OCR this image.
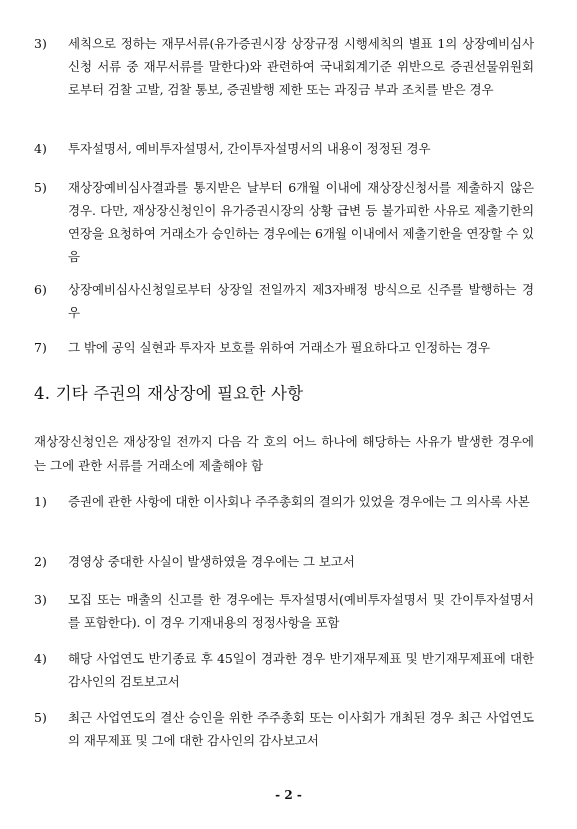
3)	세칙으로 정하는 재무서류(유가증권시장 상장규정 시행세칙의 별표 1의 상장예비심사 신청 서류 중 재무서류를 말한다)와 관련하여 국내회계기준 위반으로 증권선물위원회로부터 검찰 고발, 검찰 통보, 증권발행 제한 또는 과징금 부과 조치를 받은 경우
4)	투자설명서, 예비투자설명서, 간이투자설명서의 내용이 정정된 경우
5)	재상장예비심사결과를 통지받은 날부터 6개월 이내에 재상장신청서를 제출하지 않은 경우. 다만, 재상장신청인이 유가증권시장의 상황 급변 등 불가피한 사유로 제출기한의 연장을 요청하여 거래소가 승인하는 경우에는 6개월 이내에서 제출기한을 연장할 수 있음
6)	상장예비심사신청일로부터 상장일 전일까지 제3자배정 방식으로 신주를 발행하는 경우
7)	그 밖에 공익 실현과 투자자 보호를 위하여 거래소가 필요하다고 인정하는 경우
4. 기타 주권의 재상장에 필요한 사항
재상장신청인은 재상장일 전까지 다음 각 호의 어느 하나에 해당하는 사유가 발생한 경우에는 그에 관한 서류를 거래소에 제출해야 함
1)	증권에 관한 사항에 대한 이사회나 주주총회의 결의가 있었을 경우에는 그 의사록 사본
2)	경영상 중대한 사실이 발생하였을 경우에는 그 보고서
3)	모집 또는 매출의 신고를 한 경우에는 투자설명서(예비투자설명서 및 간이투자설명서를 포함한다). 이 경우 기재내용의 정정사항을 포함
4)	해당 사업연도 반기종료 후 45일이 경과한 경우 반기재무제표 및 반기재무제표에 대한 감사인의 검토보고서
5)	최근 사업연도의 결산 승인을 위한 주주총회 또는 이사회가 개최된 경우 최근 사업연도의 재무제표 및 그에 대한 감사인의 감사보고서
- 2 -
